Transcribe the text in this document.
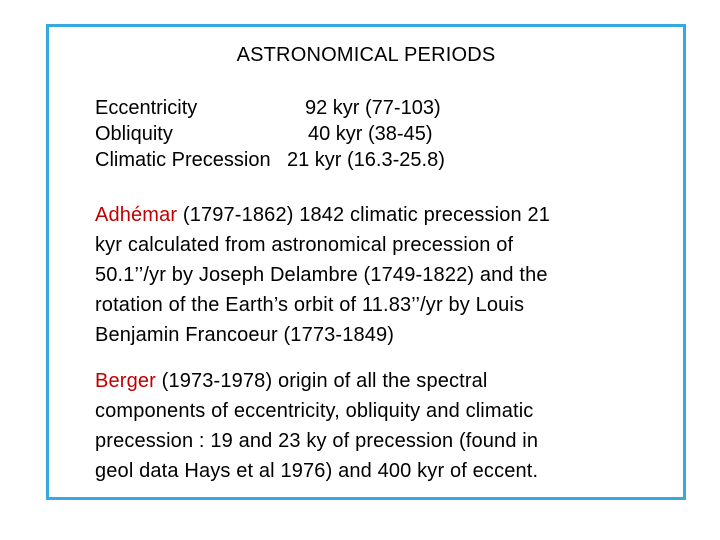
ASTRONOMICAL PERIODS
Eccentricity	92 kyr (77-103)
Obliquity	40 kyr (38-45)
Climatic Precession 21 kyr (16.3-25.8)
Adhémar (1797-1862) 1842 climatic precession 21
kyr calculated from astronomical precession of
50.1’’/yr by Joseph Delambre (1749-1822) and the
rotation of the Earth’s orbit of 11.83’’/yr by Louis
Benjamin Francoeur (1773-1849)
Berger (1973-1978) origin of all the spectral
components of eccentricity, obliquity and climatic
precession : 19 and 23 ky of precession (found in
geol data Hays et al 1976) and 400 kyr of eccent.
